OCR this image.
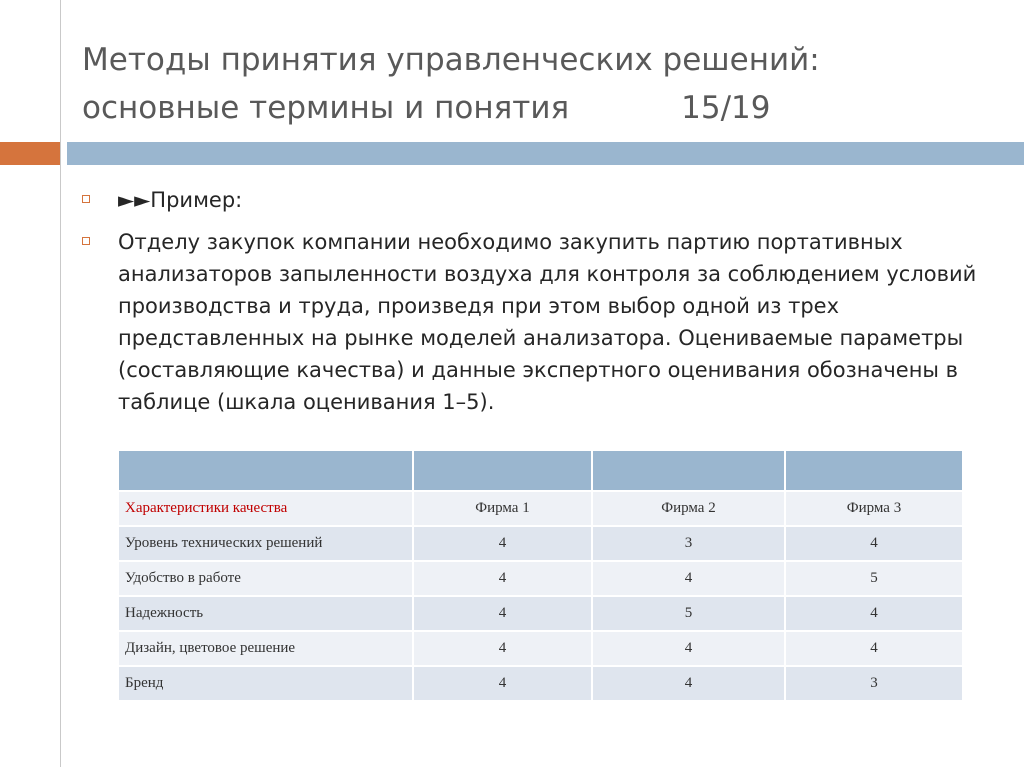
Методы принятия управленческих решений:
основные термины и понятия	15/19
►►Пример:
Отделу закупок компании необходимо закупить партию портативных анализаторов запыленности воздуха для контроля за соблюдением условий производства и труда, произведя при этом выбор одной из трех представленных на рынке моделей анализатора. Оцениваемые параметры (составляющие качества) и данные экспертного оценивания обозначены в таблице (шкала оценивания 1–5).

Характеристики качества	Фирма 1	Фирма 2	Фирма 3
Уровень технических решений	4	3	4
Удобство в работе	4	4	5
Надежность	4	5	4
Дизайн, цветовое решение	4	4	4
Бренд	4	4	3
